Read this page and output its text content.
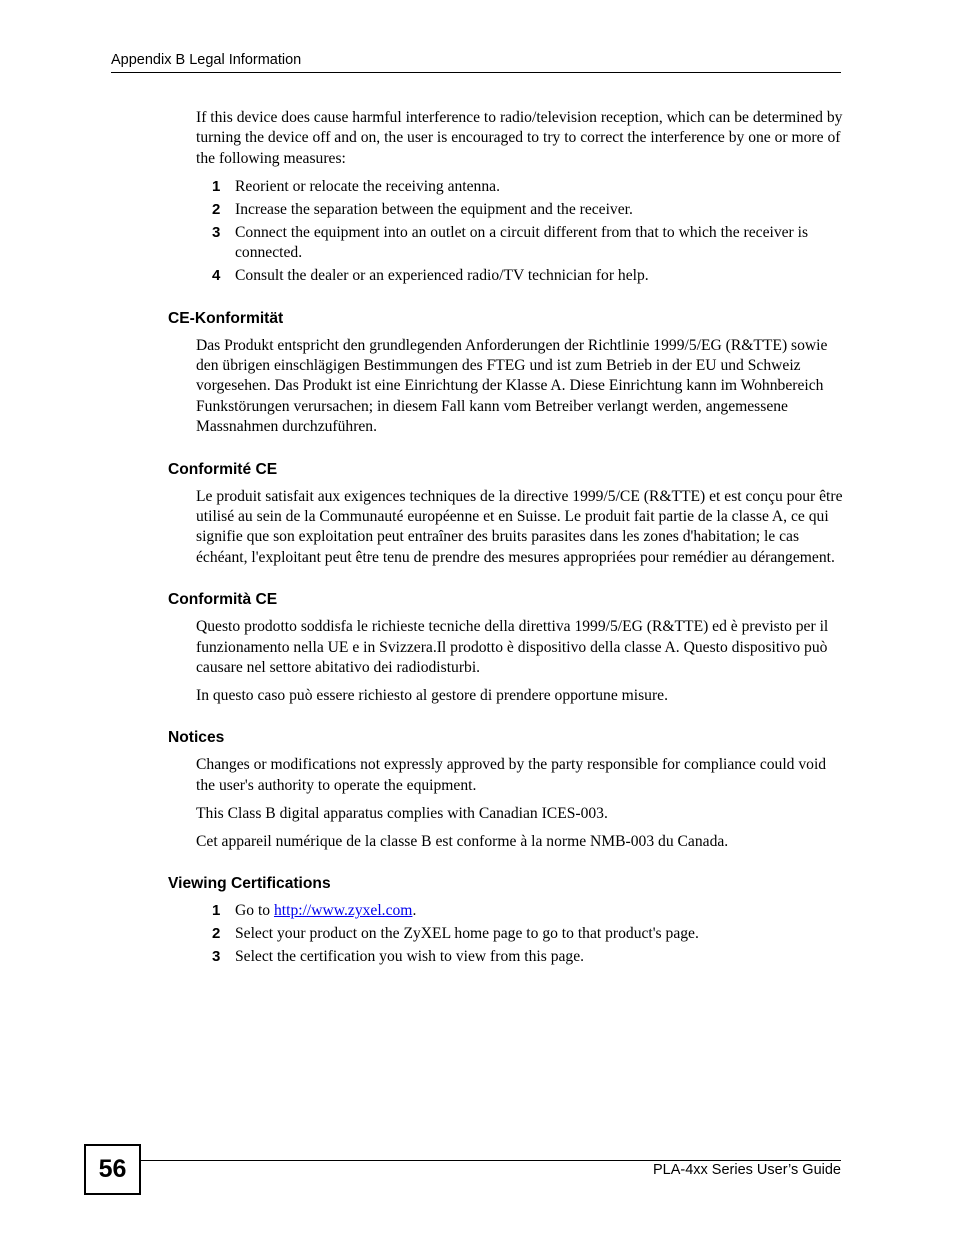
Appendix B Legal Information

If this device does cause harmful interference to radio/television reception, which can be determined by turning the device off and on, the user is encouraged to try to correct the interference by one or more of the following measures:

1 Reorient or relocate the receiving antenna.
2 Increase the separation between the equipment and the receiver.
3 Connect the equipment into an outlet on a circuit different from that to which the receiver is connected.
4 Consult the dealer or an experienced radio/TV technician for help.
CE-Konformität

Das Produkt entspricht den grundlegenden Anforderungen der Richtlinie 1999/5/EG (R&TTE) sowie den übrigen einschlägigen Bestimmungen des FTEG und ist zum Betrieb in der EU und Schweiz vorgesehen. Das Produkt ist eine Einrichtung der Klasse A. Diese Einrichtung kann im Wohnbereich Funkstörungen verursachen; in diesem Fall kann vom Betreiber verlangt werden, angemessene Massnahmen durchzuführen.

Conformité CE

Le produit satisfait aux exigences techniques de la directive 1999/5/CE (R&TTE) et est conçu pour être utilisé au sein de la Communauté européenne et en Suisse. Le produit fait partie de la classe A, ce qui signifie que son exploitation peut entraîner des bruits parasites dans les zones d'habitation; le cas échéant, l'exploitant peut être tenu de prendre des mesures appropriées pour remédier au dérangement.

Conformità CE

Questo prodotto soddisfa le richieste tecniche della direttiva 1999/5/EG (R&TTE) ed è previsto per il funzionamento nella UE e in Svizzera.Il prodotto è dispositivo della classe A. Questo dispositivo può causare nel settore abitativo dei radiodisturbi.

In questo caso può essere richiesto al gestore di prendere opportune misure.

Notices

Changes or modifications not expressly approved by the party responsible for compliance could void the user's authority to operate the equipment.

This Class B digital apparatus complies with Canadian ICES-003.

Cet appareil numérique de la classe B est conforme à la norme NMB-003 du Canada.

Viewing Certifications
1 Go to http://www.zyxel.com.
2 Select your product on the ZyXEL home page to go to that product's page.
3 Select the certification you wish to view from this page.
56	PLA-4xx Series User’s Guide
